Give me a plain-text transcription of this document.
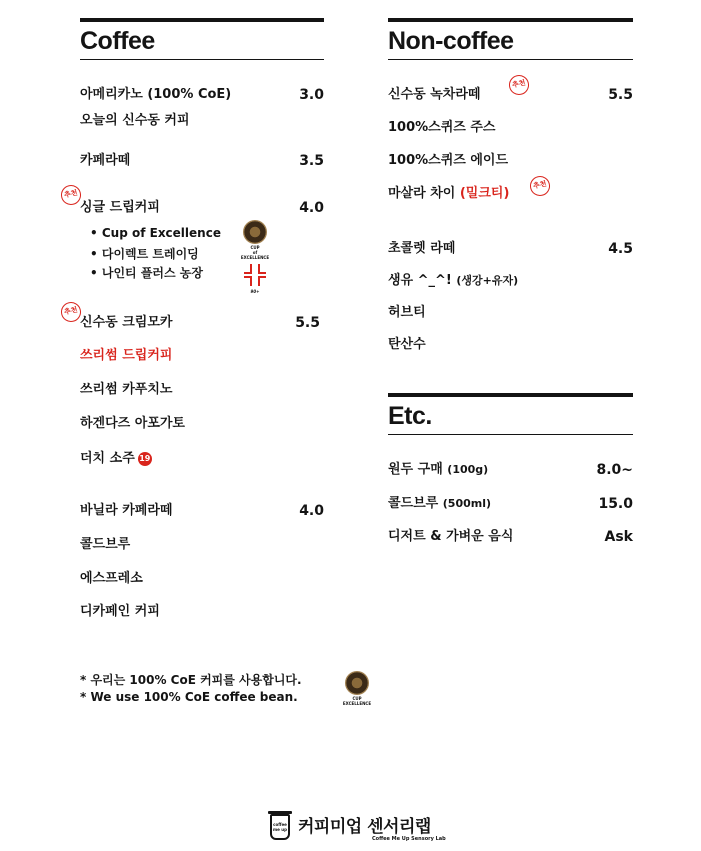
Coffee
아메리카노 (100% CoE)	3.0
오늘의 신수동 커피
카페라떼	3.5
싱글 드립커피	4.0
추천
• Cup of Excellence
• 다이렉트 트레이딩
• 나인티 플러스 농장
CUP
of
EXCELLENCE
90+
신수동 크림모카	5.5
추천
쓰리썸 드립커피
쓰리썸 카푸치노
하겐다즈 아포가토
더치 소주 19
바닐라 카페라떼	4.0
콜드브루
에스프레소
디카페인 커피
Non-coffee
신수동 녹차라떼	5.5
추천
100%스퀴즈 주스
100%스퀴즈 에이드
마살라 차이 (밀크티)
추천
초콜렛 라떼	4.5
생유 ^_^! (생강+유자)
허브티
탄산수
Etc.
원두 구매 (100g)	8.0~
콜드브루 (500ml)	15.0
디저트 & 가벼운 음식	Ask
* 우리는 100% CoE 커피를 사용합니다.
* We use 100% CoE coffee bean.	CUP
EXCELLENCE
coffee me up 커피미업 센서리랩
Coffee Me Up Sensory Lab
